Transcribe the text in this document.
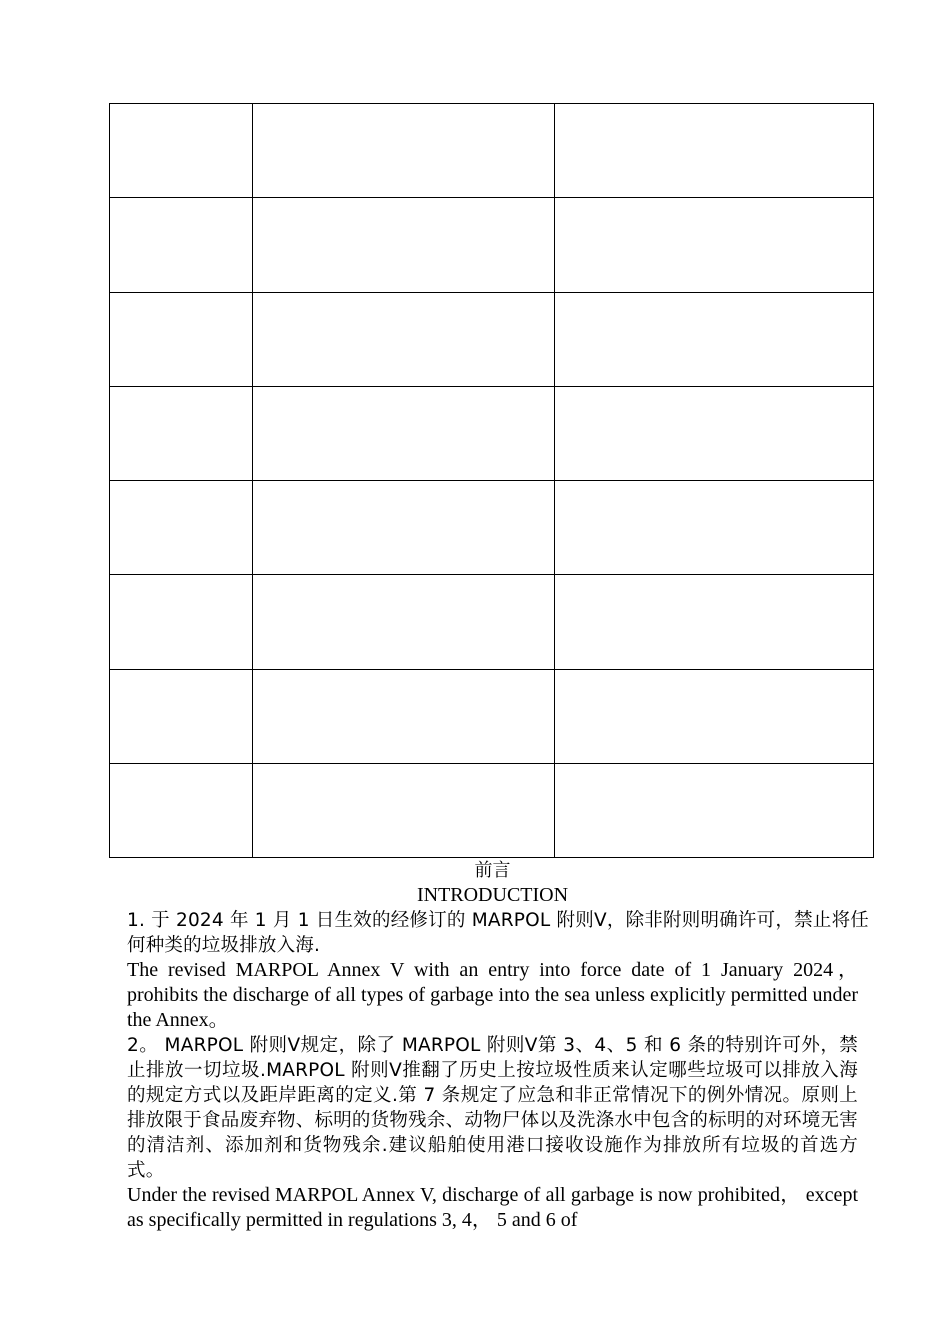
前言
INTRODUCTION

1. 于 2024 年 1 月 1 日生效的经修订的 MARPOL 附则Ⅴ，除非附则明确许可，禁止将任何种类的垃圾排放入海.

The revised MARPOL Annex V with an entry into force date of 1 January 2024， prohibits the discharge of all types of garbage into the sea unless explicitly permitted under the Annex。

2。 MARPOL 附则Ⅴ规定，除了 MARPOL 附则Ⅴ第 3、4、5 和 6 条的特别许可外，禁止排放一切垃圾.MARPOL 附则Ⅴ推翻了历史上按垃圾性质来认定哪些垃圾可以排放入海的规定方式以及距岸距离的定义.第 7 条规定了应急和非正常情况下的例外情况。原则上排放限于食品废弃物、标明的货物残余、动物尸体以及洗涤水中包含的标明的对环境无害的清洁剂、添加剂和货物残余.建议船舶使用港口接收设施作为排放所有垃圾的首选方式。

Under the revised MARPOL Annex V, discharge of all garbage is now prohibited， except as specifically permitted in regulations 3, 4， 5 and 6 of
